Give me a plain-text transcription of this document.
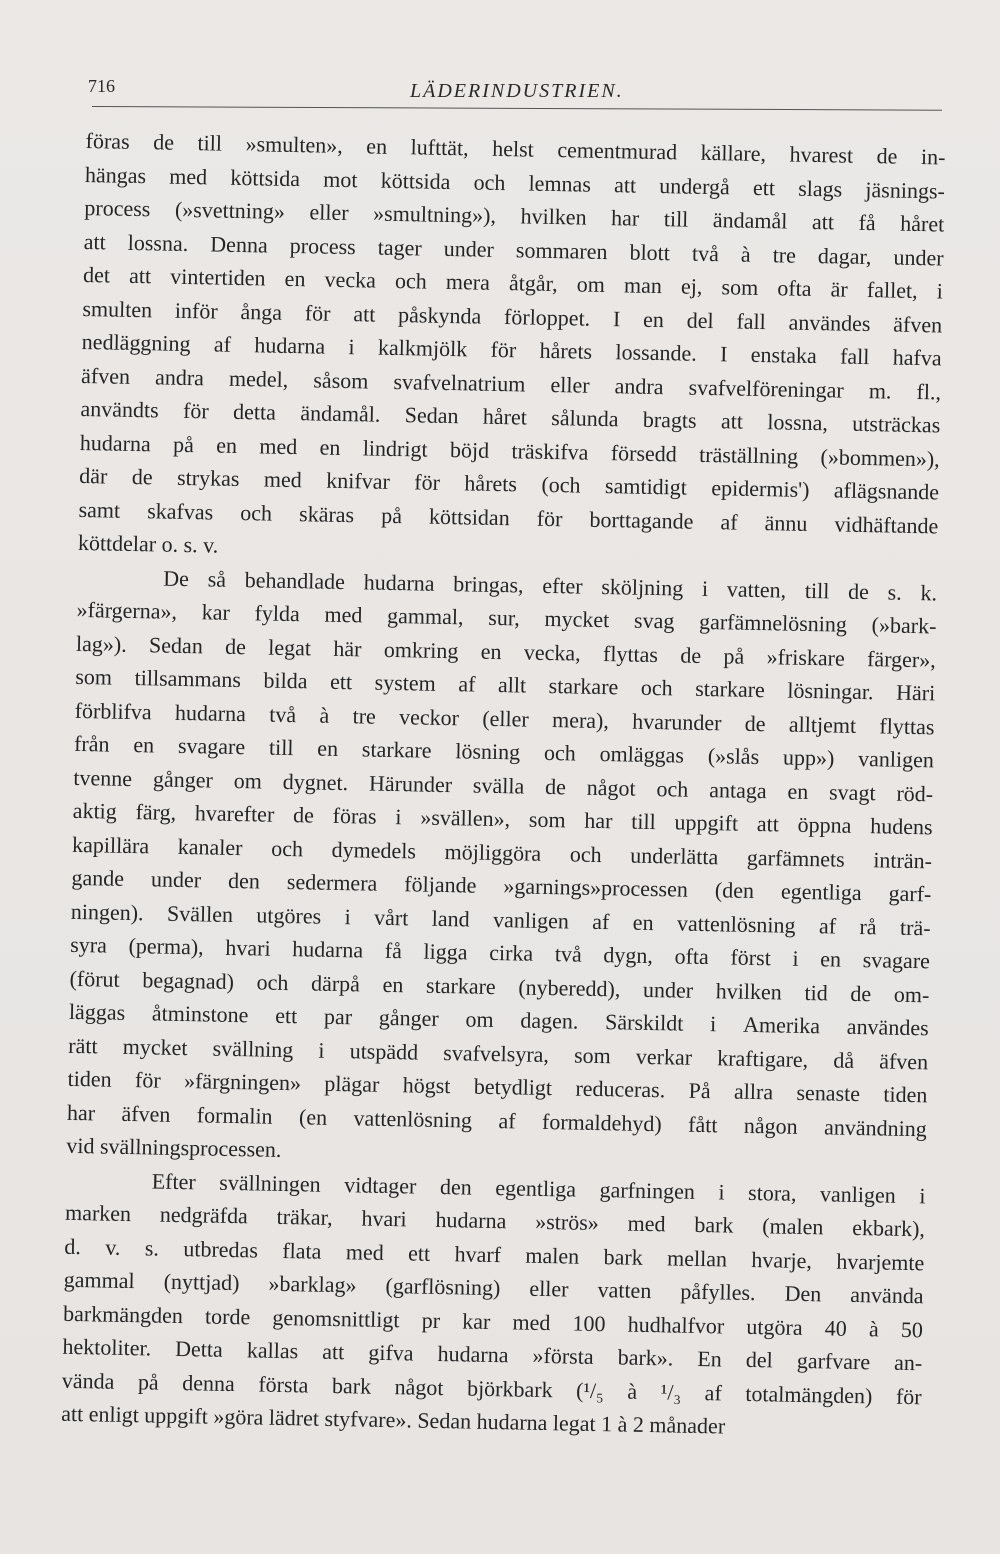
716	LÄDERINDUSTRIEN.
föras de till »smulten», en lufttät, helst cementmurad källare, hvarest de in-
hängas med köttsida mot köttsida och lemnas att undergå ett slags jäsnings-
process (»svettning» eller »smultning»), hvilken har till ändamål att få håret
att lossna. Denna process tager under sommaren blott två à tre dagar, under
det att vintertiden en vecka och mera åtgår, om man ej, som ofta är fallet, i
smulten inför ånga för att påskynda förloppet. I en del fall användes äfven
nedläggning af hudarna i kalkmjölk för hårets lossande. I enstaka fall hafva
äfven andra medel, såsom svafvelnatrium eller andra svafvelföreningar m. fl.,
användts för detta ändamål. Sedan håret sålunda bragts att lossna, utsträckas
hudarna på en med en lindrigt böjd träskifva försedd träställning (»bommen»),
där de strykas med knifvar för hårets (och samtidigt epidermis') aflägsnande
samt skafvas och skäras på köttsidan för borttagande af ännu vidhäftande
köttdelar o. s. v.
De så behandlade hudarna bringas, efter sköljning i vatten, till de s. k.
»färgerna», kar fylda med gammal, sur, mycket svag garfämnelösning (»bark-
lag»). Sedan de legat här omkring en vecka, flyttas de på »friskare färger»,
som tillsammans bilda ett system af allt starkare och starkare lösningar. Häri
förblifva hudarna två à tre veckor (eller mera), hvarunder de alltjemt flyttas
från en svagare till en starkare lösning och omläggas (»slås upp») vanligen
tvenne gånger om dygnet. Härunder svälla de något och antaga en svagt röd-
aktig färg, hvarefter de föras i »svällen», som har till uppgift att öppna hudens
kapillära kanaler och dymedels möjliggöra och underlätta garfämnets inträn-
gande under den sedermera följande »garnings»processen (den egentliga garf-
ningen). Svällen utgöres i vårt land vanligen af en vattenlösning af rå trä-
syra (perma), hvari hudarna få ligga cirka två dygn, ofta först i en svagare
(förut begagnad) och därpå en starkare (nyberedd), under hvilken tid de om-
läggas åtminstone ett par gånger om dagen. Särskildt i Amerika användes
rätt mycket svällning i utspädd svafvelsyra, som verkar kraftigare, då äfven
tiden för »färgningen» plägar högst betydligt reduceras. På allra senaste tiden
har äfven formalin (en vattenlösning af formaldehyd) fått någon användning
vid svällningsprocessen.
Efter svällningen vidtager den egentliga garfningen i stora, vanligen i
marken nedgräfda träkar, hvari hudarna »strös» med bark (malen ekbark),
d. v. s. utbredas flata med ett hvarf malen bark mellan hvarje, hvarjemte
gammal (nyttjad) »barklag» (garflösning) eller vatten påfylles. Den använda
barkmängden torde genomsnittligt pr kar med 100 hudhalfvor utgöra 40 à 50
hektoliter. Detta kallas att gifva hudarna »första bark». En del garfvare an-
vända på denna första bark något björkbark (¹/₅ à ¹/₃ af totalmängden) för
att enligt uppgift »göra lädret styfvare». Sedan hudarna legat 1 à 2 månader
